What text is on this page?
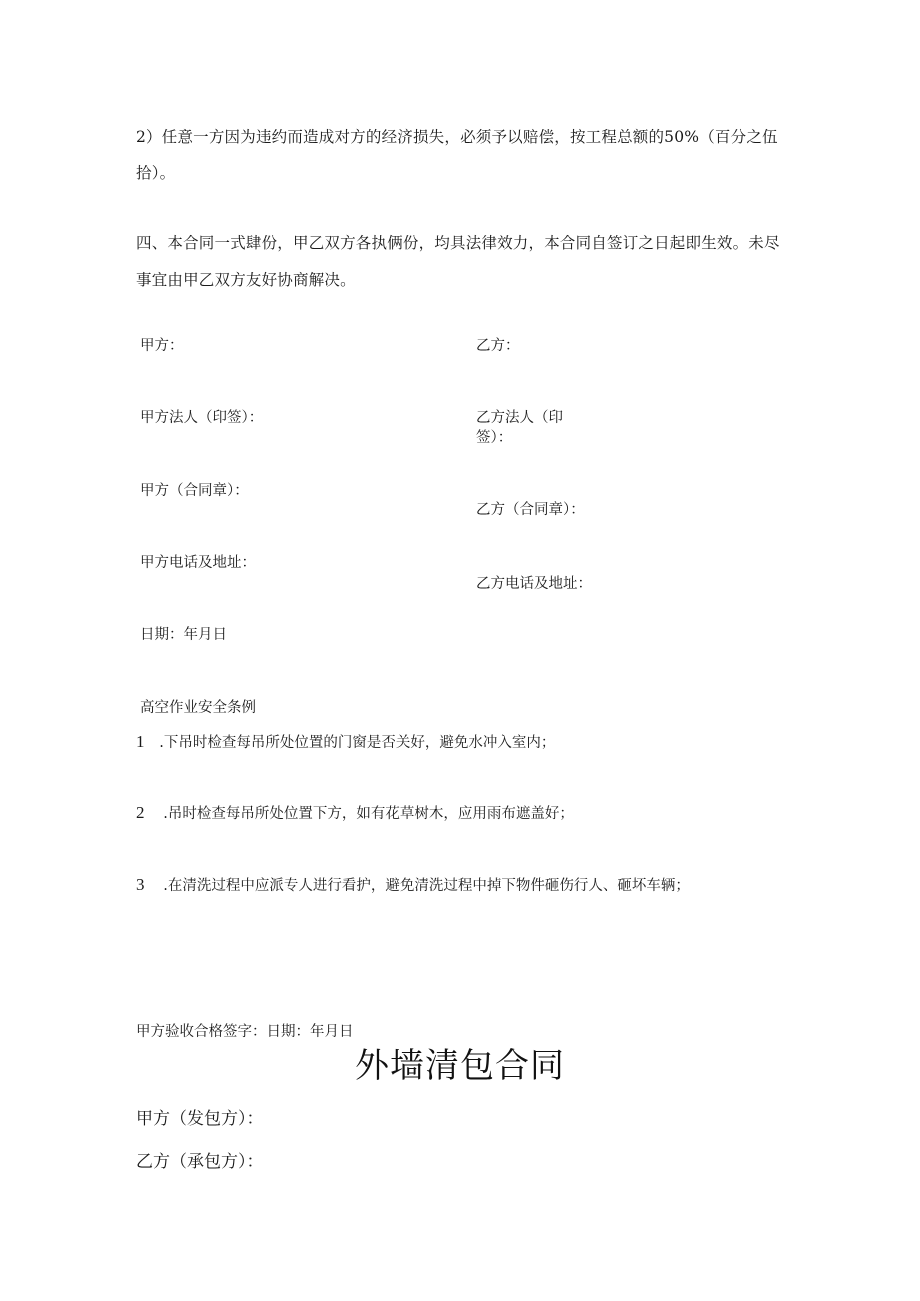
2）任意一方因为违约而造成对方的经济损失，必须予以赔偿，按工程总额的50%（百分之伍
拾）。
四、本合同一式肆份，甲乙双方各执俩份，均具法律效力，本合同自签订之日起即生效。未尽
事宜由甲乙双方友好协商解决。
甲方：	乙方：
甲方法人（印签）：	乙方法人（印
签）：
甲方（合同章）：
乙方（合同章）：
甲方电话及地址：
乙方电话及地址：
日期：年月日
高空作业安全条例
1 .下吊时检查每吊所处位置的门窗是否关好，避免水冲入室内；
2 .吊时检查每吊所处位置下方，如有花草树木，应用雨布遮盖好；
3 .在清洗过程中应派专人进行看护，避免清洗过程中掉下物件砸伤行人、砸坏车辆；
甲方验收合格签字：日期：年月日
外墙清包合同
甲方（发包方）：
乙方（承包方）：
